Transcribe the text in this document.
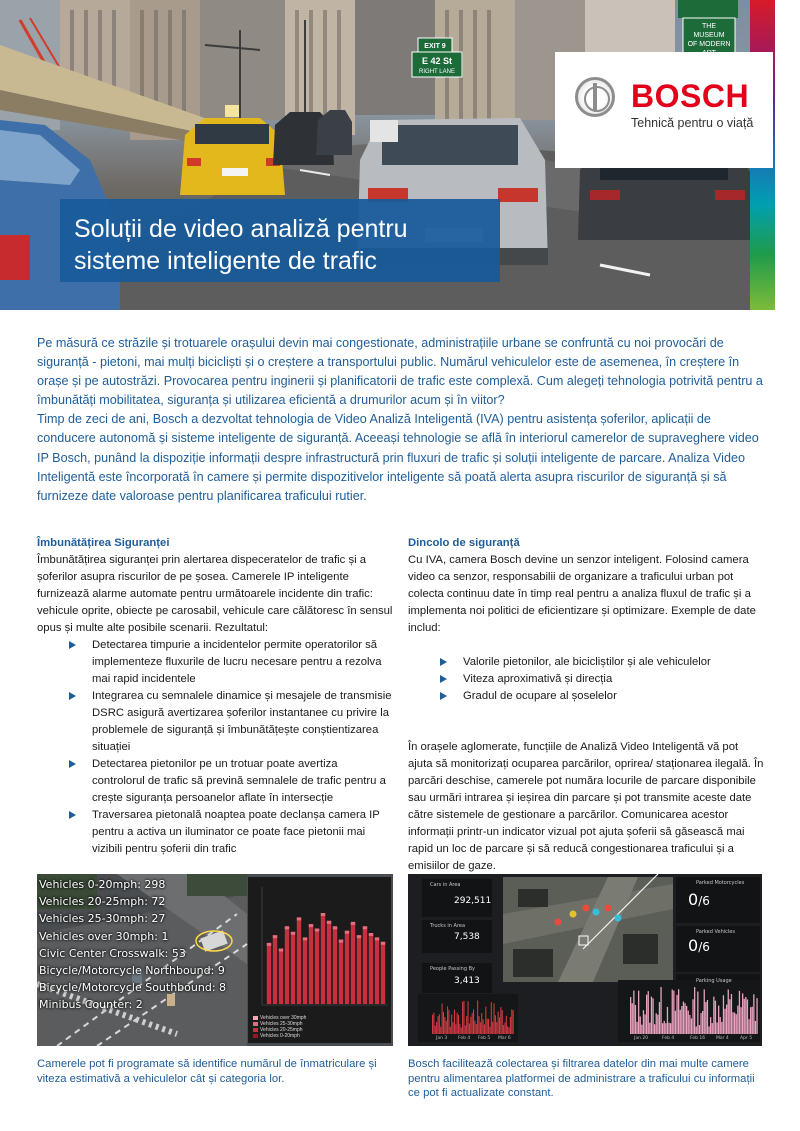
EXIT 9
E 42 St
RIGHT LANE
THE
MUSEUM
OF MODERN
BOSCH
Tehnică pentru o viață
Soluții de video analiză pentru
sisteme inteligente de trafic

Pe măsură ce străzile și trotuarele orașului devin mai congestionate, administrațiile urbane se confruntă cu noi provocări de siguranță - pietoni, mai mulți bicicliști și o creștere a transportului public. Numărul vehiculelor este de asemenea, în creștere în orașe și pe autostrăzi. Provocarea pentru inginerii și planificatorii de trafic este complexă. Cum alegeți tehnologia potrivită pentru a îmbunătăți mobilitatea, siguranța și utilizarea eficientă a drumurilor acum și în viitor?

Timp de zeci de ani, Bosch a dezvoltat tehnologia de Video Analiză Inteligentă (IVA) pentru asistența șoferilor, aplicații de conducere autonomă și sisteme inteligente de siguranță. Aceeași tehnologie se află în interiorul camerelor de supraveghere video IP Bosch, punând la dispoziție informații despre infrastructură prin fluxuri de trafic și soluții inteligente de parcare. Analiza Video Inteligentă este încorporată în camere și permite dispozitivelor inteligente să poată alerta asupra riscurilor de siguranță și să furnizeze date valoroase pentru planificarea traficului rutier.

Îmbunătățirea Siguranței

Îmbunătățirea siguranței prin alertarea dispeceratelor de trafic și a șoferilor asupra riscurilor de pe șosea. Camerele IP inteligente furnizează alarme automate pentru următoarele incidente din trafic: vehicule oprite, obiecte pe carosabil, vehicule care călătoresc în sensul opus și multe alte posibile scenarii. Rezultatul:

Detectarea timpurie a incidentelor permite operatorilor să implementeze fluxurile de lucru necesare pentru a rezolva mai rapid incidentele
Integrarea cu semnalele dinamice și mesajele de transmisie DSRC asigură avertizarea șoferilor instantanee cu privire la problemele de siguranță și îmbunătățește conștientizarea situației
Detectarea pietonilor pe un trotuar poate avertiza controlorul de trafic să prevină semnalele de trafic pentru a crește siguranța persoanelor aflate în intersecție
Traversarea pietonală noaptea poate declanșa camera IP pentru a activa un iluminator ce poate face pietonii mai vizibili pentru șoferii din trafic
Dincolo de siguranță

Cu IVA, camera Bosch devine un senzor inteligent. Folosind camera video ca senzor, responsabilii de organizare a traficului urban pot colecta continuu date în timp real pentru a analiza fluxul de trafic și a implementa noi politici de eficientizare și optimizare. Exemple de date includ:

Valorile pietonilor, ale bicicliștilor și ale vehiculelor
Viteza aproximativă și direcția
Gradul de ocupare al șoselelor

În orașele aglomerate, funcțiile de Analiză Video Inteligentă vă pot ajuta să monitorizați ocuparea parcărilor, oprirea/ staționarea ilegală. În parcări deschise, camerele pot număra locurile de parcare disponibile sau urmări intrarea și ieșirea din parcare și pot transmite aceste date către sistemele de gestionare a parcărilor. Comunicarea acestor informații printr-un indicator vizual pot ajuta șoferii să găsească mai rapid un loc de parcare și să reducă congestionarea traficului și a emisiilor de gaze.

Vehicles 0-20mph: 298
Vehicles 20-25mph: 72
Vehicles 25-30mph: 27
Vehicles over 30mph: 1
Civic Center Crosswalk: 53
Bicycle/Motorcycle Northbound: 9
Bicycle/Motorcycle Southbound: 8
Minibus Counter: 2
Vehicles over 30mph
Vehicles 25-30mph
Vehicles 20-25mph
Vehicles 0-20mph
Cars in Area
292,511
Trucks in Area
7,538
People Passing By
3,413
Parked Motorcycles
0/6
Parked Vehicles
0/6
Parking Usage
Jan 3 Feb 4 Feb 5 Mar 6	Jan 20	Feb 4	Feb 16 Mar 4 Apr 5
Camerele pot fi programate să identifice numărul de înmatriculare și viteza estimativă a vehiculelor cât și categoria lor.
Bosch facilitează colectarea și filtrarea datelor din mai multe camere pentru alimentarea platformei de administrare a traficului cu informații ce pot fi actualizate constant.
